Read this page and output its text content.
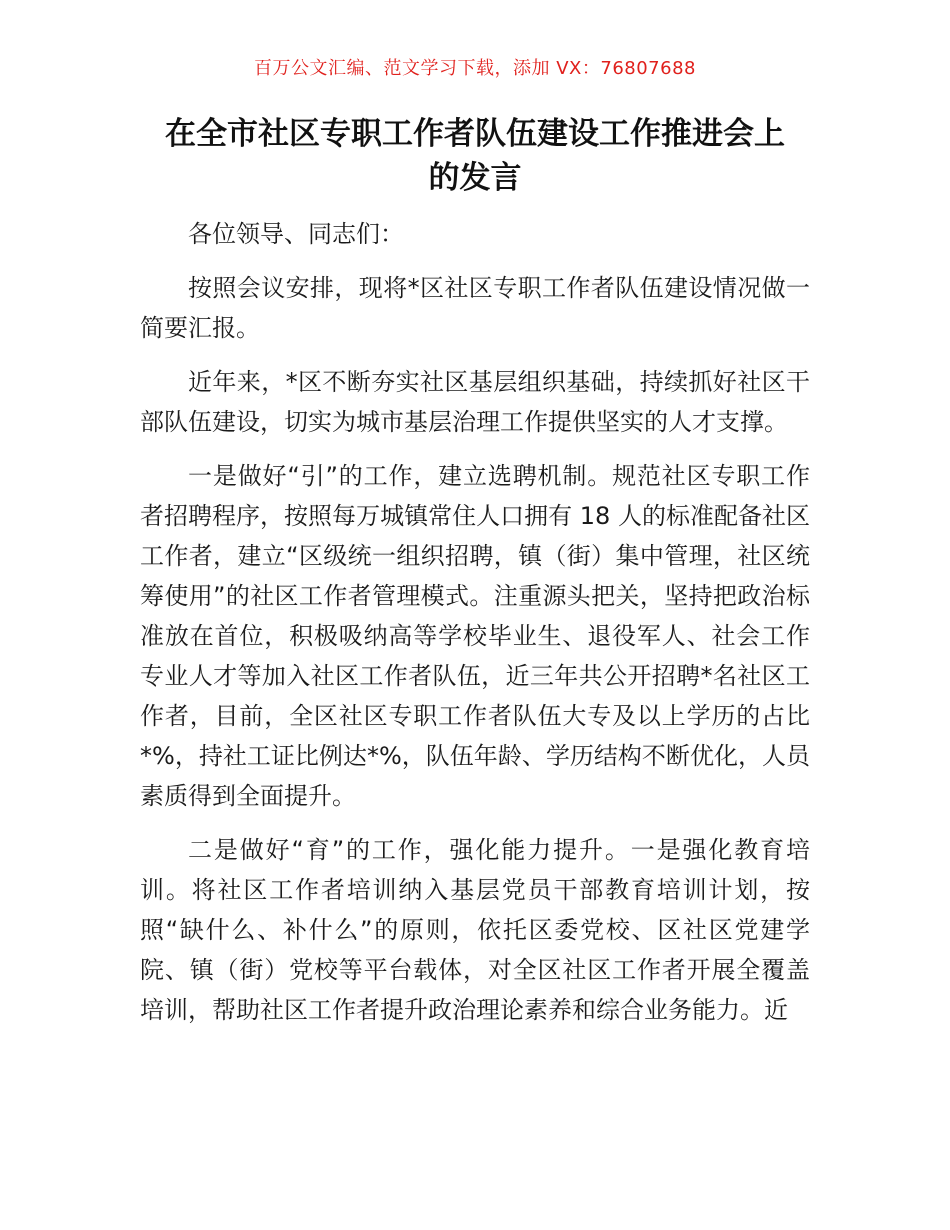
百万公文汇编、范文学习下载，添加 VX：76807688
在全市社区专职工作者队伍建设工作推进会上
的发言

各位领导、同志们：

按照会议安排，现将*区社区专职工作者队伍建设情况做一简要汇报。

近年来，*区不断夯实社区基层组织基础，持续抓好社区干部队伍建设，切实为城市基层治理工作提供坚实的人才支撑。

一是做好“引”的工作，建立选聘机制。规范社区专职工作者招聘程序，按照每万城镇常住人口拥有 18 人的标准配备社区工作者，建立“区级统一组织招聘，镇（街）集中管理，社区统筹使用”的社区工作者管理模式。注重源头把关，坚持把政治标准放在首位，积极吸纳高等学校毕业生、退役军人、社会工作专业人才等加入社区工作者队伍，近三年共公开招聘*名社区工作者，目前，全区社区专职工作者队伍大专及以上学历的占比*%，持社工证比例达*%，队伍年龄、学历结构不断优化，人员素质得到全面提升。

二是做好“育”的工作，强化能力提升。一是强化教育培训。将社区工作者培训纳入基层党员干部教育培训计划，按照“缺什么、补什么”的原则，依托区委党校、区社区党建学院、镇（街）党校等平台载体，对全区社区工作者开展全覆盖培训，帮助社区工作者提升政治理论素养和综合业务能力。近
